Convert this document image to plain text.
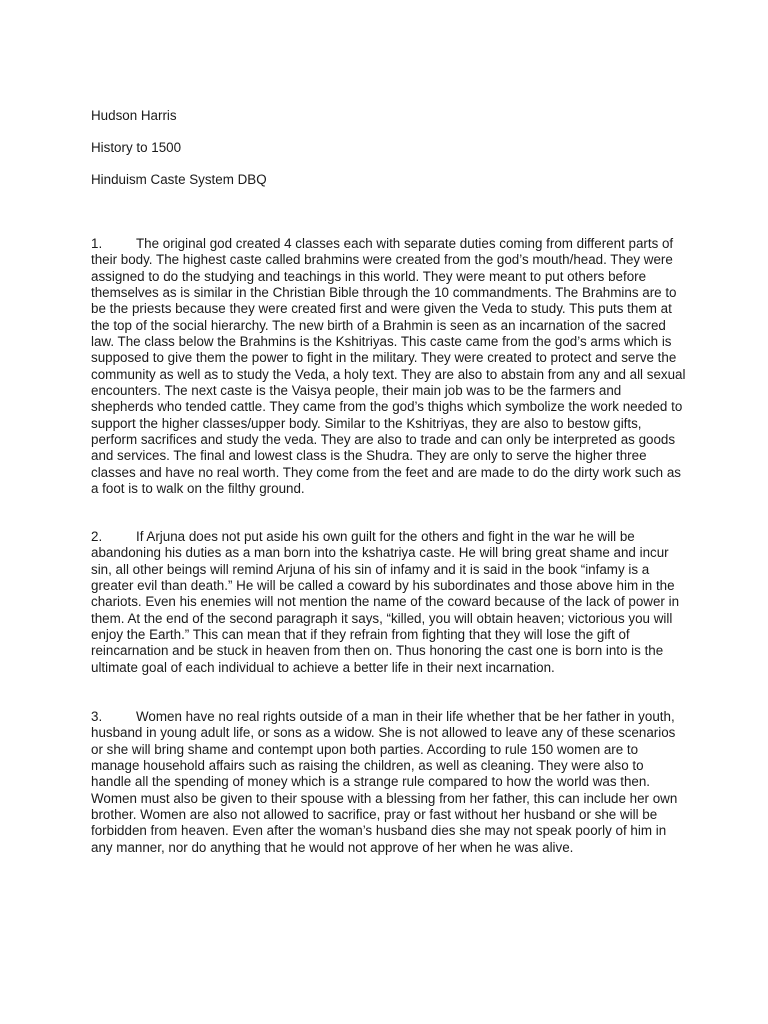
Hudson Harris

History to 1500

Hinduism Caste System DBQ

1.	The original god created 4 classes each with separate duties coming from different parts of their body. The highest caste called brahmins were created from the god’s mouth/head. They were assigned to do the studying and teachings in this world. They were meant to put others before themselves as is similar in the Christian Bible through the 10 commandments. The Brahmins are to be the priests because they were created first and were given the Veda to study. This puts them at the top of the social hierarchy. The new birth of a Brahmin is seen as an incarnation of the sacred law. The class below the Brahmins is the Kshitriyas. This caste came from the god’s arms which is supposed to give them the power to fight in the military. They were created to protect and serve the community as well as to study the Veda, a holy text. They are also to abstain from any and all sexual encounters. The next caste is the Vaisya people, their main job was to be the farmers and shepherds who tended cattle. They came from the god’s thighs which symbolize the work needed to support the higher classes/upper body. Similar to the Kshitriyas, they are also to bestow gifts, perform sacrifices and study the veda. They are also to trade and can only be interpreted as goods and services. The final and lowest class is the Shudra. They are only to serve the higher three classes and have no real worth. They come from the feet and are made to do the dirty work such as a foot is to walk on the filthy ground.

2.	If Arjuna does not put aside his own guilt for the others and fight in the war he will be abandoning his duties as a man born into the kshatriya caste. He will bring great shame and incur sin, all other beings will remind Arjuna of his sin of infamy and it is said in the book “infamy is a greater evil than death.” He will be called a coward by his subordinates and those above him in the chariots. Even his enemies will not mention the name of the coward because of the lack of power in them. At the end of the second paragraph it says, “killed, you will obtain heaven; victorious you will enjoy the Earth.” This can mean that if they refrain from fighting that they will lose the gift of reincarnation and be stuck in heaven from then on. Thus honoring the cast one is born into is the ultimate goal of each individual to achieve a better life in their next incarnation.

3.	Women have no real rights outside of a man in their life whether that be her father in youth, husband in young adult life, or sons as a widow. She is not allowed to leave any of these scenarios or she will bring shame and contempt upon both parties. According to rule 150 women are to manage household affairs such as raising the children, as well as cleaning. They were also to handle all the spending of money which is a strange rule compared to how the world was then. Women must also be given to their spouse with a blessing from her father, this can include her own brother. Women are also not allowed to sacrifice, pray or fast without her husband or she will be forbidden from heaven. Even after the woman’s husband dies she may not speak poorly of him in any manner, nor do anything that he would not approve of her when he was alive.
